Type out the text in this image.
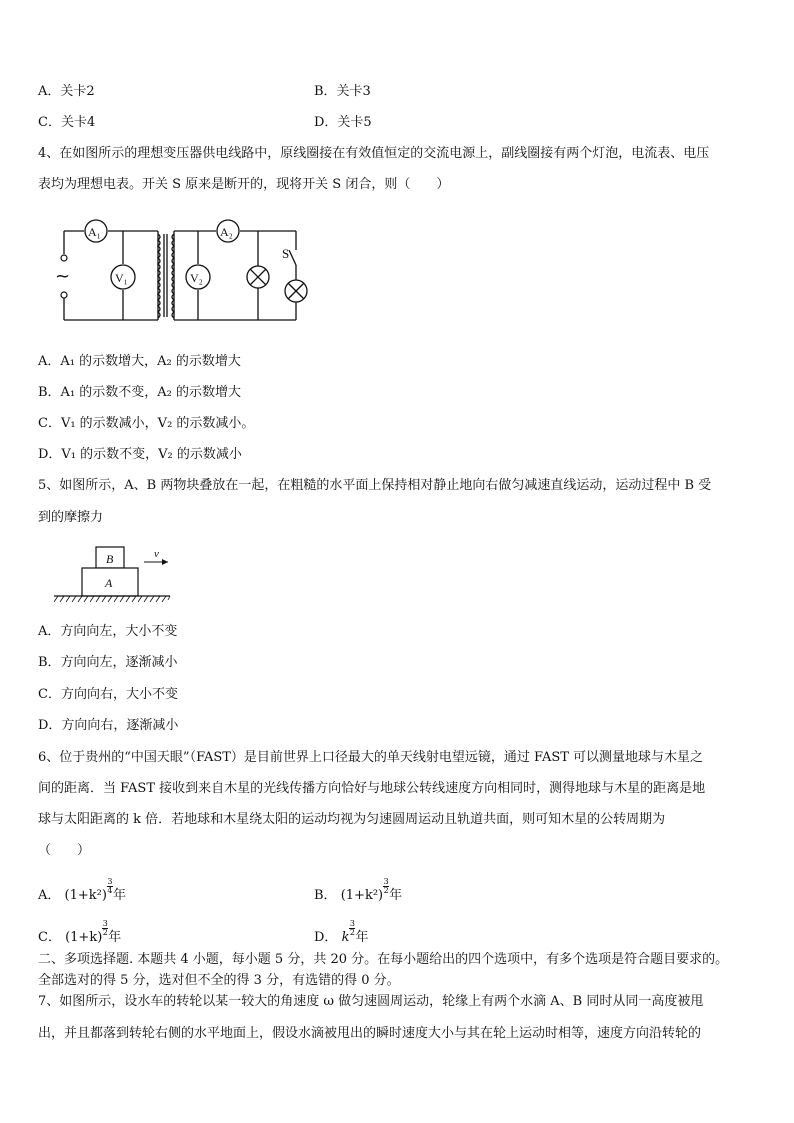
A．关卡2	B．关卡3
C．关卡4	D．关卡5
4、在如图所示的理想变压器供电线路中，原线圈接在有效值恒定的交流电源上，副线圈接有两个灯泡，电流表、电压
表均为理想电表。开关 S 原来是断开的，现将开关 S 闭合，则（　　）
~
A₁	A₂
V₁	V₂
S
A．A₁ 的示数增大，A₂ 的示数增大
B．A₁ 的示数不变，A₂ 的示数增大
C．V₁ 的示数减小，V₂ 的示数减小。
D．V₁ 的示数不变，V₂ 的示数减小
5、如图所示，A、B 两物块叠放在一起，在粗糙的水平面上保持相对静止地向右做匀减速直线运动，运动过程中 B 受
到的摩擦力
v
B
A
A．方向向左，大小不变
B．方向向左，逐渐减小
C．方向向右，大小不变
D．方向向右，逐渐减小
6、位于贵州的“中国天眼”（FAST）是目前世界上口径最大的单天线射电望远镜，通过 FAST 可以测量地球与木星之
间的距离．当 FAST 接收到来自木星的光线传播方向恰好与地球公转线速度方向相同时，测得地球与木星的距离是地
球与太阳距离的 k 倍．若地球和木星绕太阳的运动均视为匀速圆周运动且轨道共面，则可知木星的公转周期为
（　　）
A． (1+k²)
$\frac{3}{4}$
年	B． (1+k²)
$\frac{3}{2}$
年
C． (1+k)
$\frac{3}{2}$
年	D． k
$\frac{3}{2}$
年
二、多项选择题. 本题共 4 小题，每小题 5 分，共 20 分。在每小题给出的四个选项中，有多个选项是符合题目要求的。
全部选对的得 5 分，选对但不全的得 3 分，有选错的得 0 分。
7、如图所示，设水车的转轮以某一较大的角速度 ω 做匀速圆周运动，轮缘上有两个水滴 A、B 同时从同一高度被甩
出，并且都落到转轮右侧的水平地面上，假设水滴被甩出的瞬时速度大小与其在轮上运动时相等，速度方向沿转轮的
